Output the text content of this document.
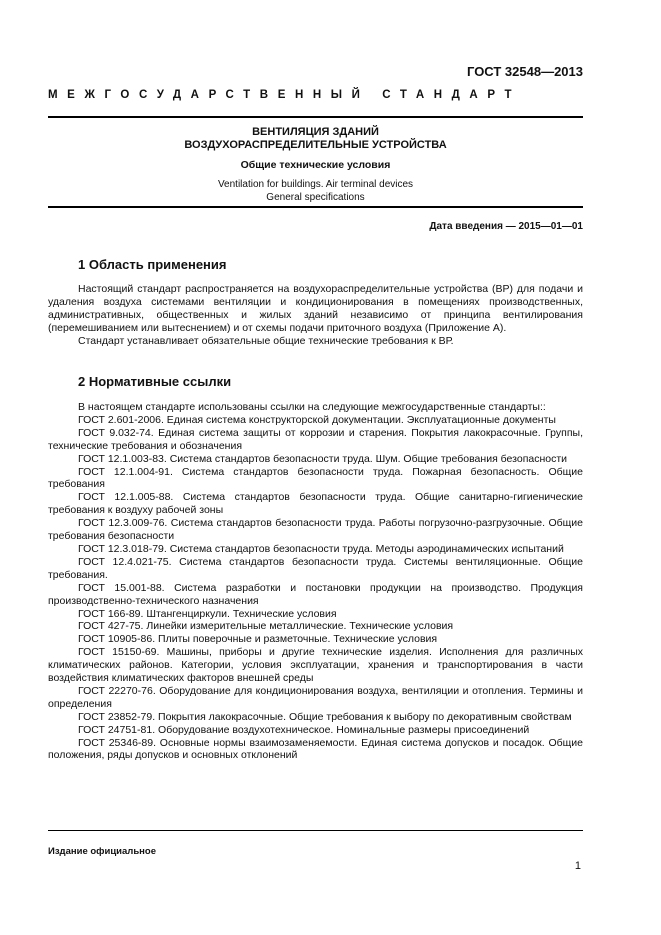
ГОСТ 32548—2013
МЕЖГОСУДАРСТВЕННЫЙ СТАНДАРТ
ВЕНТИЛЯЦИЯ ЗДАНИЙ
ВОЗДУХОРАСПРЕДЕЛИТЕЛЬНЫЕ УСТРОЙСТВА
Общие технические условия
Ventilation for buildings. Air terminal devices
General specifications
Дата введения — 2015—01—01
1 Область применения

Настоящий стандарт распространяется на воздухораспределительные устройства (ВР) для подачи и удаления воздуха системами вентиляции и кондиционирования в помещениях производственных, административных, общественных и жилых зданий независимо от принципа вентилирования (перемешиванием или вытеснением) и от схемы подачи приточного воздуха (Приложение А).

Стандарт устанавливает обязательные общие технические требования к ВР.

2 Нормативные ссылки

В настоящем стандарте использованы ссылки на следующие межгосударственные стандарты::

ГОСТ 2.601-2006. Единая система конструкторской документации. Эксплуатационные документы

ГОСТ 9.032-74. Единая система защиты от коррозии и старения. Покрытия лакокрасочные. Группы, технические требования и обозначения

ГОСТ 12.1.003-83. Система стандартов безопасности труда. Шум. Общие требования безопасности

ГОСТ 12.1.004-91. Система стандартов безопасности труда. Пожарная безопасность. Общие требования

ГОСТ 12.1.005-88. Система стандартов безопасности труда. Общие санитарно-гигиенические требования к воздуху рабочей зоны

ГОСТ 12.3.009-76. Система стандартов безопасности труда. Работы погрузочно-разгрузочные. Общие требования безопасности

ГОСТ 12.3.018-79. Система стандартов безопасности труда. Методы аэродинамических испытаний

ГОСТ 12.4.021-75. Система стандартов безопасности труда. Системы вентиляционные. Общие требования.

ГОСТ 15.001-88. Система разработки и постановки продукции на производство. Продукция производственно-технического назначения

ГОСТ 166-89. Штангенциркули. Технические условия

ГОСТ 427-75. Линейки измерительные металлические. Технические условия

ГОСТ 10905-86. Плиты поверочные и разметочные. Технические условия

ГОСТ 15150-69. Машины, приборы и другие технические изделия. Исполнения для различных климатических районов. Категории, условия эксплуатации, хранения и транспортирования в части воздействия климатических факторов внешней среды

ГОСТ 22270-76. Оборудование для кондиционирования воздуха, вентиляции и отопления. Термины и определения

ГОСТ 23852-79. Покрытия лакокрасочные. Общие требования к выбору по декоративным свойствам

ГОСТ 24751-81. Оборудование воздухотехническое. Номинальные размеры присоединений

ГОСТ 25346-89. Основные нормы взаимозаменяемости. Единая система допусков и посадок. Общие положения, ряды допусков и основных отклонений

Издание официальное
1
